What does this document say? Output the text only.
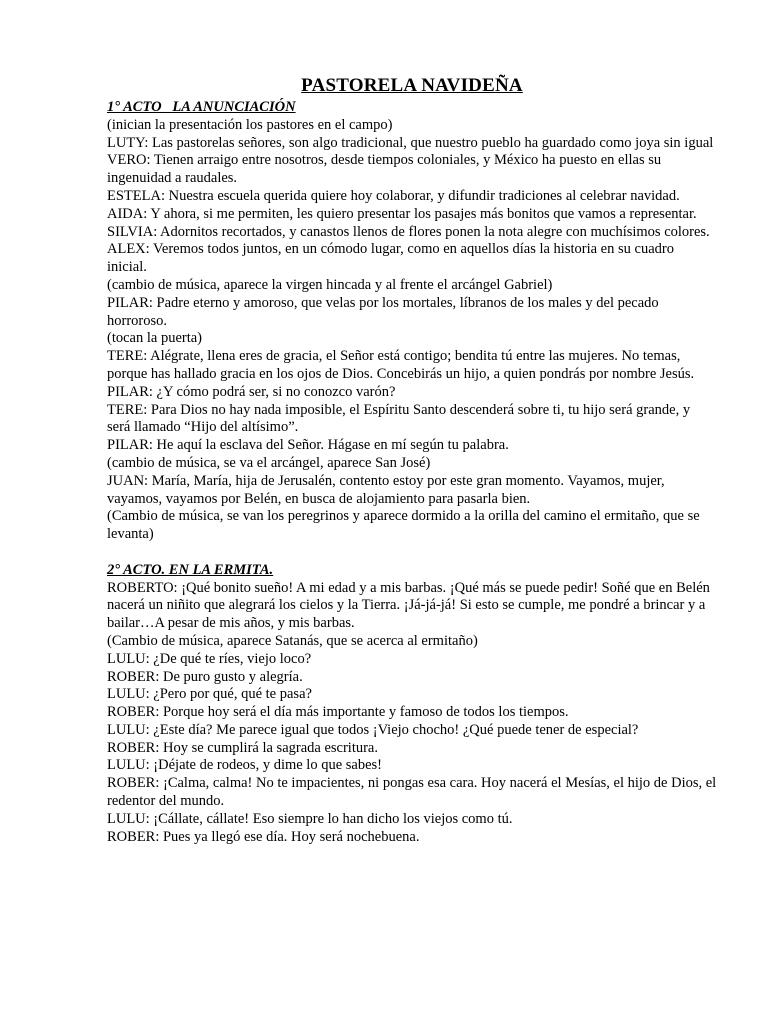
PASTORELA NAVIDEÑA
1° ACTO   LA ANUNCIACIÓN

(inician la presentación los pastores en el campo)

LUTY: Las pastorelas señores, son algo tradicional, que nuestro pueblo ha guardado como joya sin igual

VERO: Tienen arraigo entre nosotros, desde tiempos coloniales, y México ha puesto en ellas su ingenuidad a raudales.

ESTELA: Nuestra escuela querida quiere hoy colaborar, y difundir tradiciones al celebrar navidad.

AIDA: Y ahora, si me permiten, les quiero presentar los pasajes más bonitos que vamos a representar.

SILVIA: Adornitos recortados, y canastos llenos de flores ponen la nota alegre con muchísimos colores.

ALEX: Veremos todos juntos, en un cómodo lugar, como en aquellos días la historia en su cuadro inicial.

(cambio de música, aparece la virgen hincada y al frente el arcángel Gabriel)

PILAR: Padre eterno y amoroso, que velas por los mortales, líbranos de los males y del pecado horroroso.

(tocan la puerta)

TERE: Alégrate, llena eres de gracia, el Señor está contigo; bendita tú entre las mujeres. No temas, porque has hallado gracia en los ojos de Dios. Concebirás un hijo, a quien pondrás por nombre Jesús.

PILAR: ¿Y cómo podrá ser, si no conozco varón?

TERE: Para Dios no hay nada imposible, el Espíritu Santo descenderá sobre ti, tu hijo será grande, y será llamado “Hijo del altísimo”.

PILAR: He aquí la esclava del Señor. Hágase en mí según tu palabra.

(cambio de música, se va el arcángel, aparece San José)

JUAN: María, María, hija de Jerusalén, contento estoy por este gran momento. Vayamos, mujer, vayamos, vayamos por Belén, en busca de alojamiento para pasarla bien.

(Cambio de música, se van los peregrinos y aparece dormido a la orilla del camino el ermitaño, que se levanta)

2° ACTO. EN LA ERMITA.

ROBERTO: ¡Qué bonito sueño! A mi edad y a mis barbas. ¡Qué más se puede pedir! Soñé que en Belén nacerá un niñito que alegrará los cielos y la Tierra. ¡Já-já-já! Si esto se cumple, me pondré a brincar y a bailar…A pesar de mis años, y mis barbas.

(Cambio de música, aparece Satanás, que se acerca al ermitaño)

LULU: ¿De qué te ríes, viejo loco?

ROBER: De puro gusto y alegría.

LULU: ¿Pero por qué, qué te pasa?

ROBER: Porque hoy será el día más importante y famoso de todos los tiempos.

LULU: ¿Este día? Me parece igual que todos ¡Viejo chocho! ¿Qué puede tener de especial?

ROBER: Hoy se cumplirá la sagrada escritura.

LULU: ¡Déjate de rodeos, y dime lo que sabes!

ROBER: ¡Calma, calma! No te impacientes, ni pongas esa cara. Hoy nacerá el Mesías, el hijo de Dios, el redentor del mundo.

LULU: ¡Cállate, cállate! Eso siempre lo han dicho los viejos como tú.

ROBER: Pues ya llegó ese día. Hoy será nochebuena.
